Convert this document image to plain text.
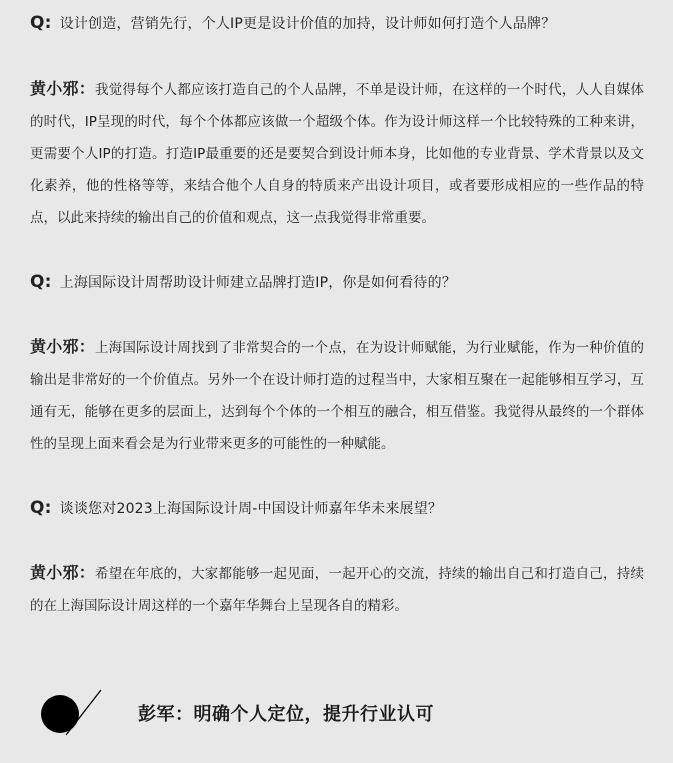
Q: 设计创造，营销先行，个人IP更是设计价值的加持，设计师如何打造个人品牌？

黄小邪：我觉得每个人都应该打造自己的个人品牌，不单是设计师，在这样的一个时代，人人自媒体的时代，IP呈现的时代，每个个体都应该做一个超级个体。作为设计师这样一个比较特殊的工种来讲，更需要个人IP的打造。打造IP最重要的还是要契合到设计师本身，比如他的专业背景、学术背景以及文化素养，他的性格等等，来结合他个人自身的特质来产出设计项目，或者要形成相应的一些作品的特点，以此来持续的输出自己的价值和观点，这一点我觉得非常重要。

Q: 上海国际设计周帮助设计师建立品牌打造IP，你是如何看待的？

黄小邪：上海国际设计周找到了非常契合的一个点，在为设计师赋能，为行业赋能，作为一种价值的输出是非常好的一个价值点。另外一个在设计师打造的过程当中，大家相互聚在一起能够相互学习，互通有无，能够在更多的层面上，达到每个个体的一个相互的融合，相互借鉴。我觉得从最终的一个群体性的呈现上面来看会是为行业带来更多的可能性的一种赋能。

Q: 谈谈您对2023上海国际设计周-中国设计师嘉年华未来展望？

黄小邪：希望在年底的，大家都能够一起见面，一起开心的交流，持续的输出自己和打造自己，持续的在上海国际设计周这样的一个嘉年华舞台上呈现各自的精彩。

彭军：明确个人定位，提升行业认可
